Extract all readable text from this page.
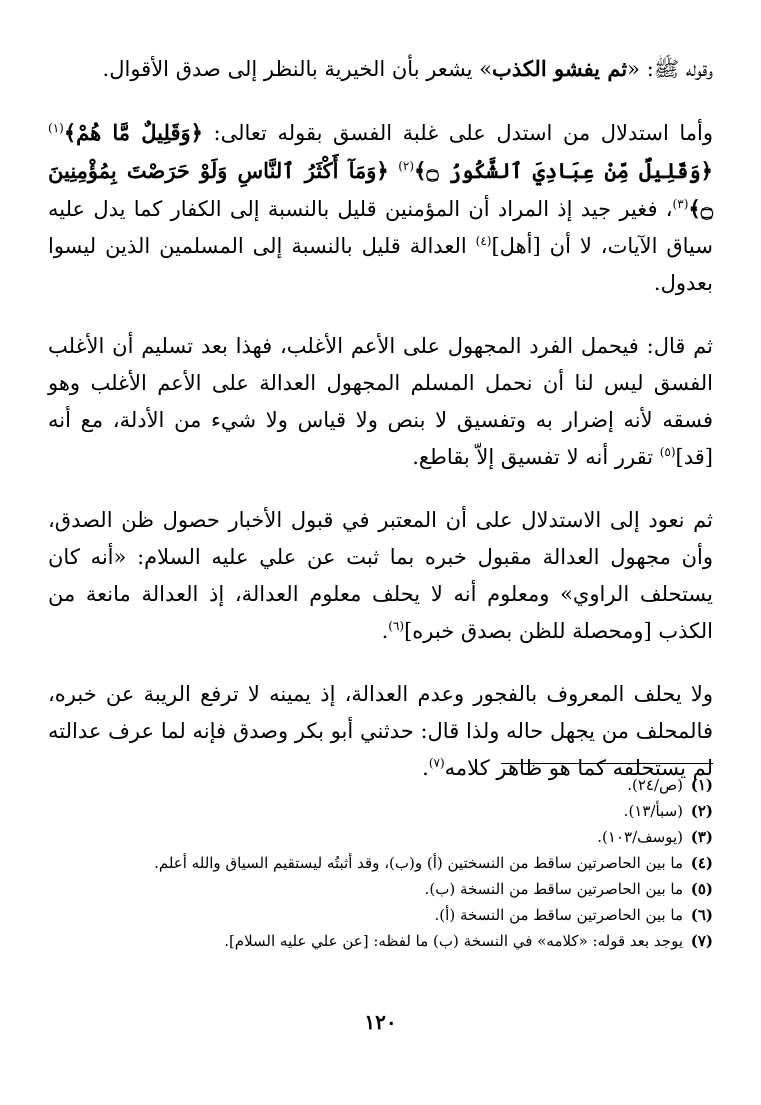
وقوله ﷺ: «ثم يفشو الكذب» يشعر بأن الخيرية بالنظر إلى صدق الأقوال.

وأما استدلال من استدل على غلبة الفسق بقوله تعالى: ﴿وَقَلِيلٌ مَّا هُمْ﴾$^{(١)}$ ﴿وَقَلِيلٌ مِّنْ عِبَادِيَ ٱلشَّكُورُ ۝﴾$^{(٢)}$ ﴿وَمَآ أَكْثَرُ ٱلنَّاسِ وَلَوْ حَرَصْتَ بِمُؤْمِنِينَ ۝﴾$^{(٣)}$، فغير جيد إذ المراد أن المؤمنين قليل بالنسبة إلى الكفار كما يدل عليه سياق الآيات، لا أن [أهل]$^{(٤)}$ العدالة قليل بالنسبة إلى المسلمين الذين ليسوا بعدول.

ثم قال: فيحمل الفرد المجهول على الأعم الأغلب، فهذا بعد تسليم أن الأغلب الفسق ليس لنا أن نحمل المسلم المجهول العدالة على الأعم الأغلب وهو فسقه لأنه إضرار به وتفسيق لا بنص ولا قياس ولا شيء من الأدلة، مع أنه [قد]$^{(٥)}$ تقرر أنه لا تفسيق إلاّ بقاطع.

ثم نعود إلى الاستدلال على أن المعتبر في قبول الأخبار حصول ظن الصدق، وأن مجهول العدالة مقبول خبره بما ثبت عن علي عليه السلام: «أنه كان يستحلف الراوي» ومعلوم أنه لا يحلف معلوم العدالة، إذ العدالة مانعة من الكذب [ومحصلة للظن بصدق خبره]$^{(٦)}$.

ولا يحلف المعروف بالفجور وعدم العدالة، إذ يمينه لا ترفع الريبة عن خبره، فالمحلف من يجهل حاله ولذا قال: حدثني أبو بكر وصدق فإنه لما عرف عدالته لم يستحلفه كما هو ظاهر كلامه$^{(٧)}$.

(١)
(ص/٢٤).
(٢)
(سبأ/١٣).
(٣)
(يوسف/١٠٣).
(٤)
ما بين الحاصرتين ساقط من النسختين (أ) و(ب)، وقد أثبتُه ليستقيم السياق والله أعلم.
(٥)
ما بين الحاصرتين ساقط من النسخة (ب).
(٦)
ما بين الحاصرتين ساقط من النسخة (أ).
(٧)
يوجد بعد قوله: «كلامه» في النسخة (ب) ما لفظه: [عن علي عليه السلام].
١٢٠
